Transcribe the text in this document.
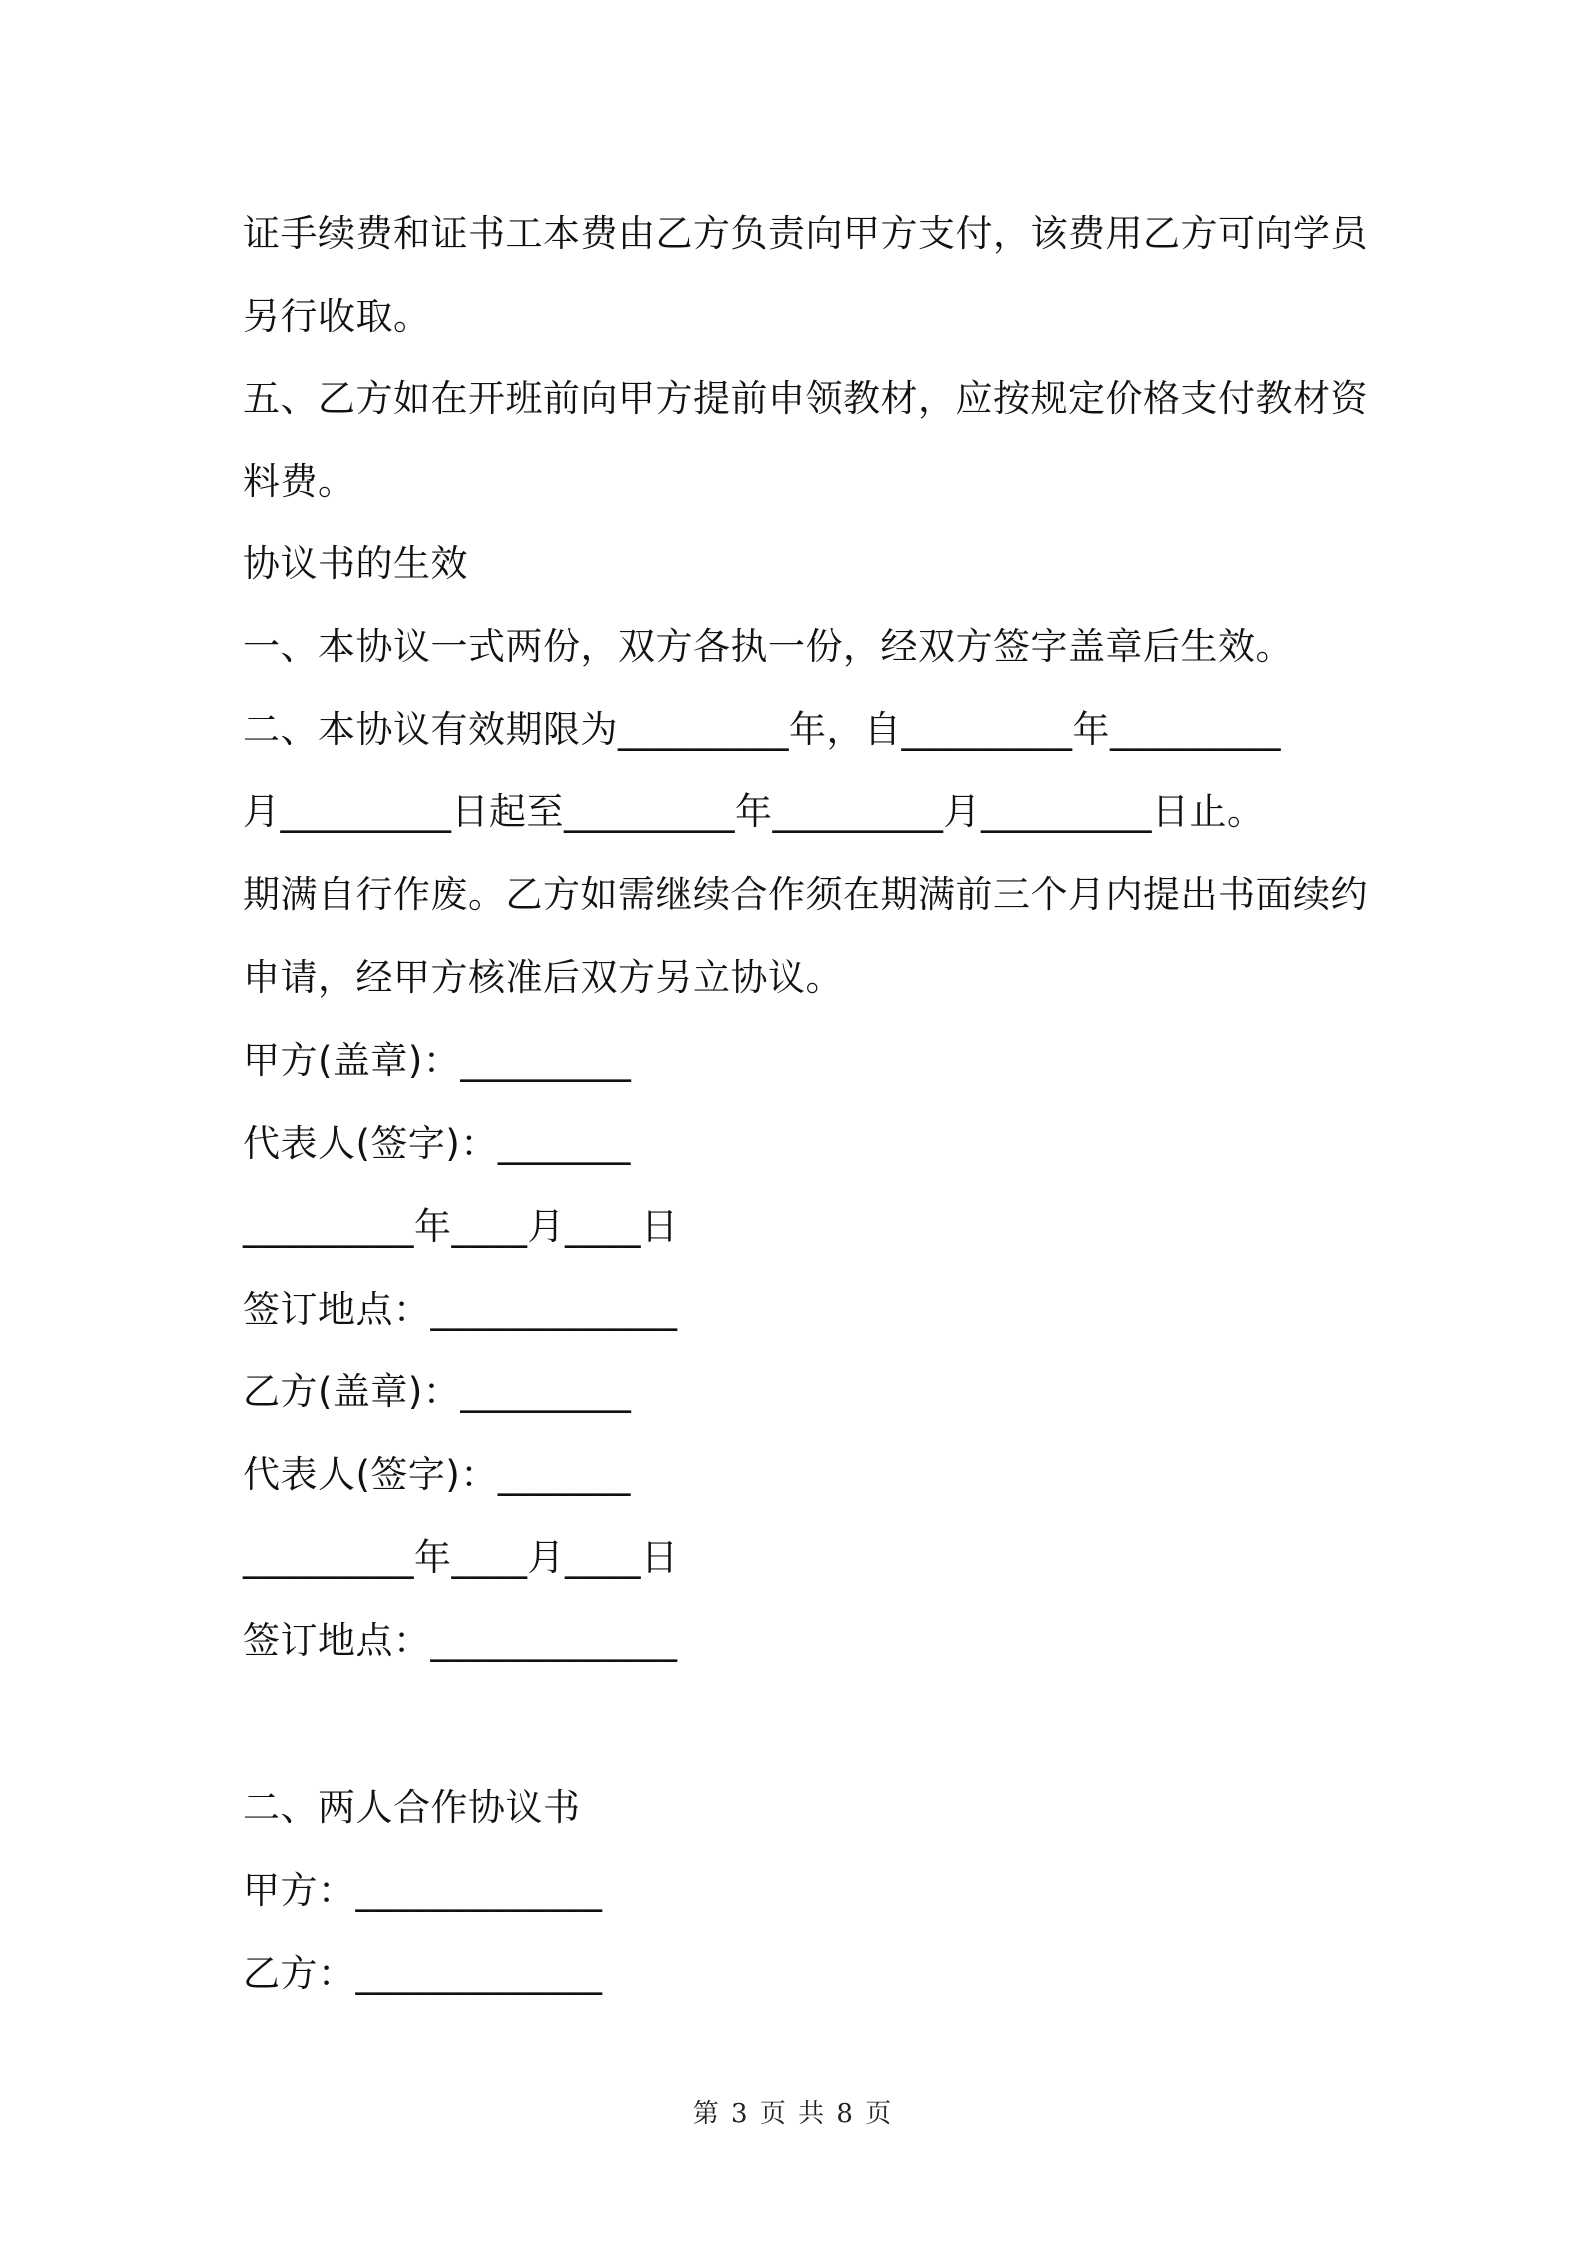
证手续费和证书工本费由乙方负责向甲方支付，该费用乙方可向学员
另行收取。
五、乙方如在开班前向甲方提前申领教材，应按规定价格支付教材资
料费。
协议书的生效
一、本协议一式两份，双方各执一份，经双方签字盖章后生效。
二、本协议有效期限为_________年，自_________年_________
月_________日起至_________年_________月_________日止。
期满自行作废。乙方如需继续合作须在期满前三个月内提出书面续约
申请，经甲方核准后双方另立协议。
甲方(盖章)：_________
代表人(签字)：_______
_________年____月____日
签订地点：_____________
乙方(盖章)：_________
代表人(签字)：_______
_________年____月____日
签订地点：_____________
二、两人合作协议书
甲方：_____________
乙方：_____________
第 3 页 共 8 页
